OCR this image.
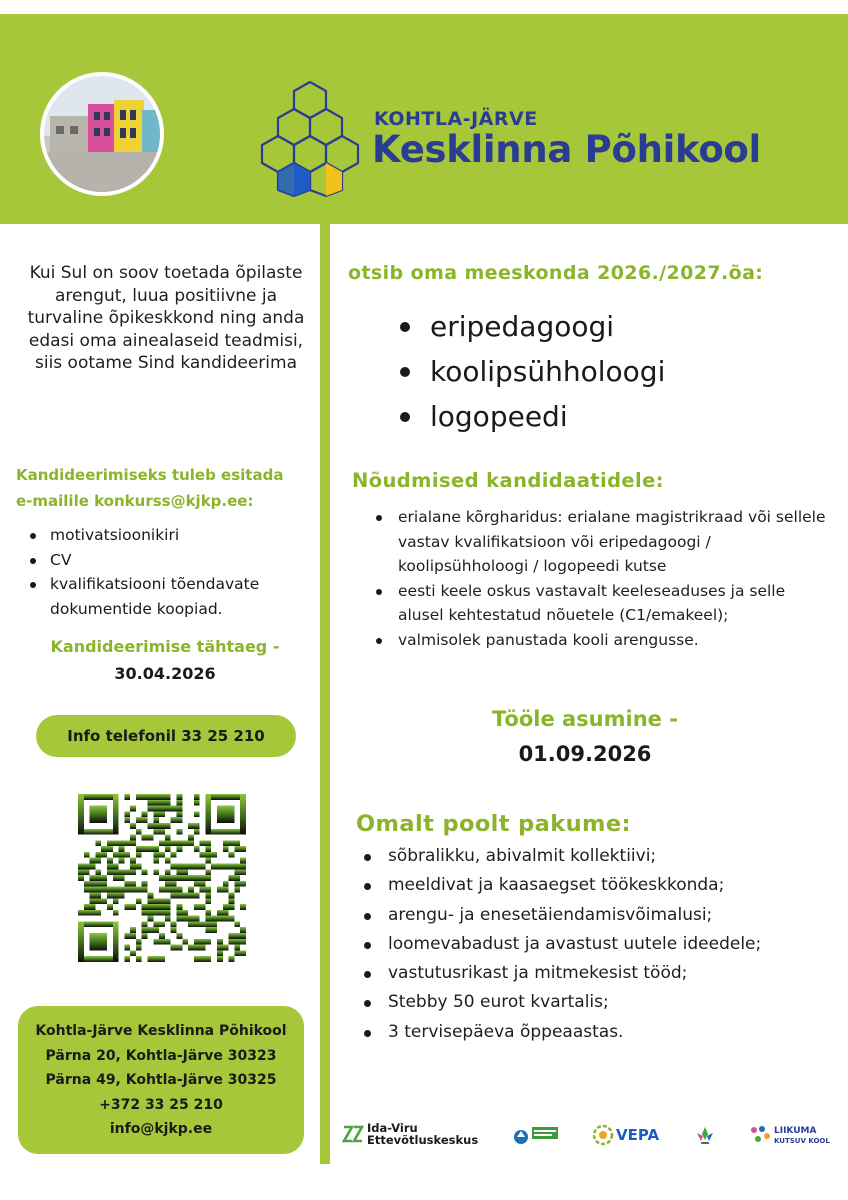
KOHTLA-JÄRVE
Kesklinna Põhikool
Kui Sul on soov toetada õpilaste arengut, luua positiivne ja turvaline õpikeskkond ning anda edasi oma ainealaseid teadmisi, siis ootame Sind kandideerima
Kandideerimiseks tuleb esitada
e-mailile konkurss@kjkp.ee:
motivatsioonikiri
CV
kvalifikatsiooni tõendavate dokumentide koopiad.
Kandideerimise tähtaeg -
30.04.2026
Info telefonil 33 25 210
Kohtla-Järve Kesklinna Põhikool
Pärna 20, Kohtla-Järve 30323
Pärna 49, Kohtla-Järve 30325
+372 33 25 210
info@kjkp.ee
otsib oma meeskonda 2026./2027.õa:
eripedagoogi
koolipsühholoogi
logopeedi
Nõudmised kandidaatidele:
erialane kõrgharidus: erialane magistrikraad või sellele vastav kvalifikatsioon või eripedagoogi / koolipsühholoogi / logopeedi kutse
eesti keele oskus vastavalt keeleseaduses ja selle alusel kehtestatud nõuetele (C1/emakeel);
valmisolek panustada kooli arengusse.
Tööle asumine -
01.09.2026
Omalt poolt pakume:
sõbralikku, abivalmit kollektiivi;
meeldivat ja kaasaegset töökeskkonda;
arengu- ja enesetäiendamisvõimalusi;
loomevabadust ja avastust uutele ideedele;
vastutusrikast ja mitmekesist tööd;
Stebby 50 eurot kvartalis;
3 tervisepäeva õppeaastas.
Ida-Viru
Ettevõtluskeskus	VEPA	LIIKUMA
KUTSUV KOOL
